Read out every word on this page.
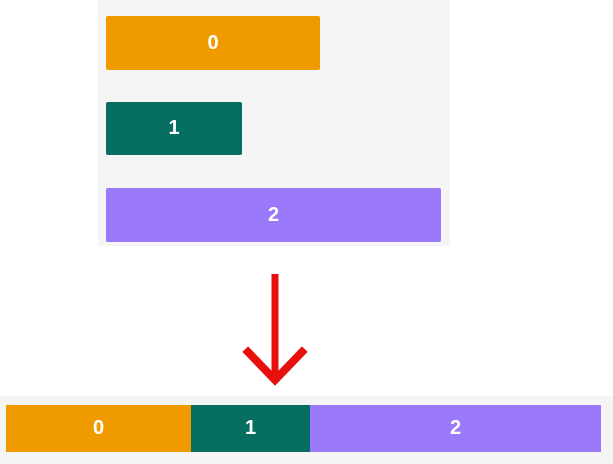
0
1
2
0	1	2
